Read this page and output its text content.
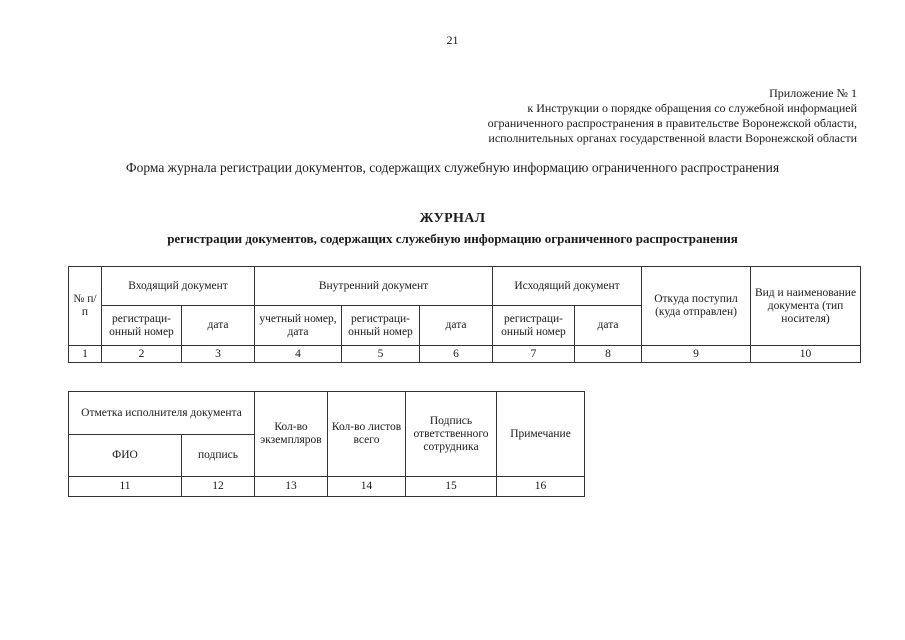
21
Приложение № 1
к Инструкции о порядке обращения со служебной информацией
ограниченного распространения в правительстве Воронежской области,
исполнительных органах государственной власти Воронежской области
Форма журнала регистрации документов, содержащих служебную информацию ограниченного распространения
ЖУРНАЛ
регистрации документов, содержащих служебную информацию ограниченного распространения
№ п/п	Входящий документ		Внутренний документ			Исходящий документ		Откуда поступил (куда отправлен)	Вид и наименование документа (тип носителя)
	регистраци-онный номер	дата	учетный номер, дата	регистраци-онный номер	дата	регистраци-онный номер	дата		
1	2	3	4	5	6	7	8	9	10
Отметка исполнителя документа		Кол-во экземпляров	Кол-во листов всего	Подпись ответственного сотрудника	Примечание
ФИО	подпись				
11	12	13	14	15	16
